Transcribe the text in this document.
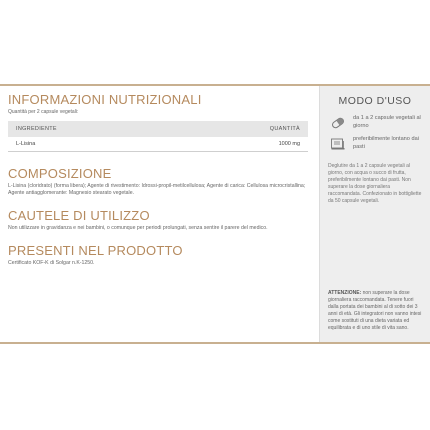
INFORMAZIONI NUTRIZIONALI
Quantità per 2 capsule vegetali:
INGREDIENTE	QUANTITÀ
L-Lisina	1000 mg
COMPOSIZIONE
L-Lisina (cloridrato) (forma libera); Agente di rivestimento: Idrossi-propil-metilcellulosa; Agente di carica: Cellulosa microcristallina; Agente antiagglomerante: Magnesio stearato vegetale.
CAUTELE DI UTILIZZO
Non utilizzare in gravidanza e nei bambini, o comunque per periodi prolungati, senza sentire il parere del medico.
PRESENTI NEL PRODOTTO
Certificato KOF-K di Solgar n.K-1250.
MODO D'USO
da 1 a 2 capsule vegetali al giorno
preferibilmente lontano dai pasti
Deglutire da 1 a 2 capsule vegetali al giorno, con acqua o succo di frutta, preferibilmente lontano dai pasti. Non superare la dose giornaliera raccomandata. Confezionato in bottigliette da 50 capsule vegetali.
ATTENZIONE: non superare la dose giornaliera raccomandata. Tenere fuori dalla portata dei bambini al di sotto dei 3 anni di età. Gli integratori non vanno intesi come sostituti di una dieta variata ed equilibrata e di uno stile di vita sano.
